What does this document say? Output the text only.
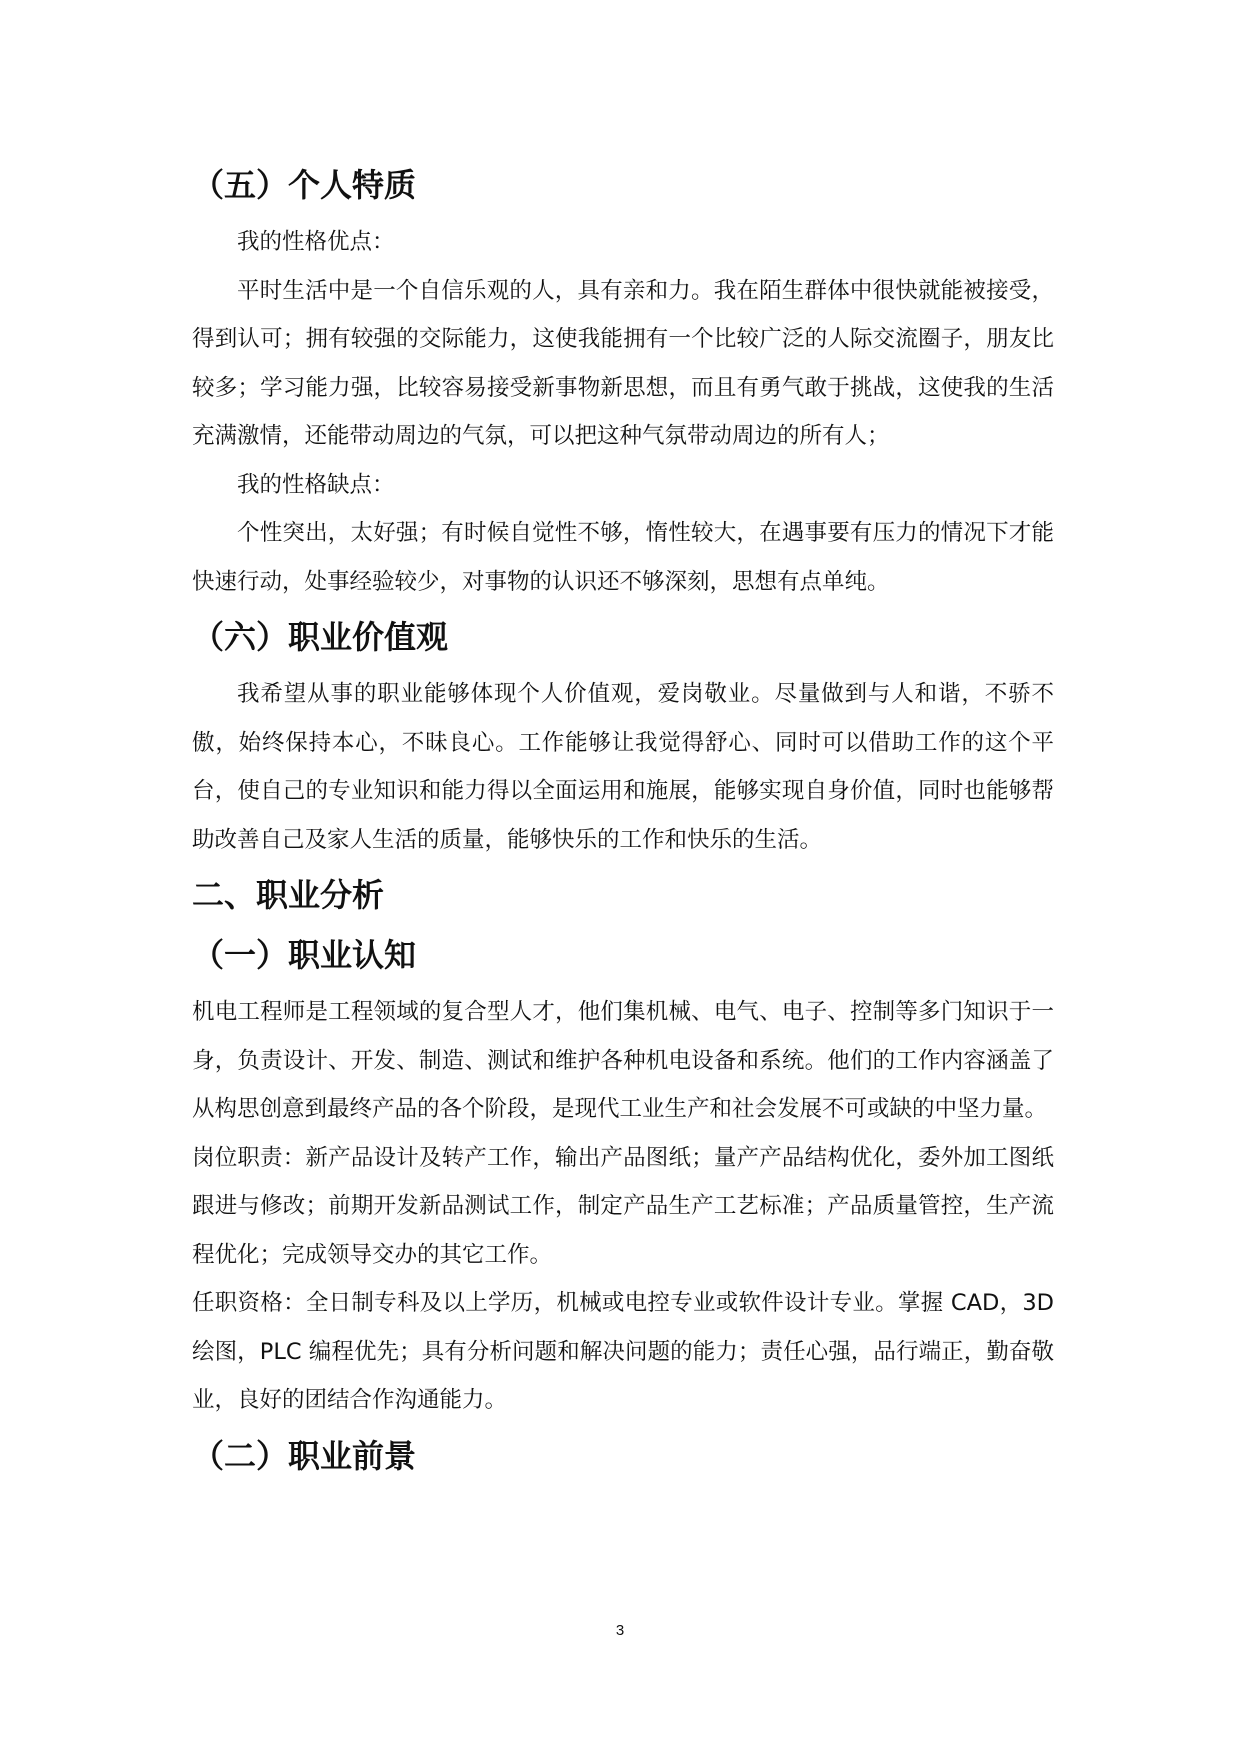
（五）个人特质

我的性格优点：

平时生活中是一个自信乐观的人，具有亲和力。我在陌生群体中很快就能被接受，得到认可；拥有较强的交际能力，这使我能拥有一个比较广泛的人际交流圈子，朋友比较多；学习能力强，比较容易接受新事物新思想，而且有勇气敢于挑战，这使我的生活充满激情，还能带动周边的气氛，可以把这种气氛带动周边的所有人；

我的性格缺点：

个性突出，太好强；有时候自觉性不够，惰性较大，在遇事要有压力的情况下才能快速行动，处事经验较少，对事物的认识还不够深刻，思想有点单纯。

（六）职业价值观

我希望从事的职业能够体现个人价值观，爱岗敬业。尽量做到与人和谐，不骄不傲，始终保持本心，不昧良心。工作能够让我觉得舒心、同时可以借助工作的这个平台，使自己的专业知识和能力得以全面运用和施展，能够实现自身价值，同时也能够帮助改善自己及家人生活的质量，能够快乐的工作和快乐的生活。

二、职业分析
（一）职业认知

机电工程师是工程领域的复合型人才，他们集机械、电气、电子、控制等多门知识于一身，负责设计、开发、制造、测试和维护各种机电设备和系统。他们的工作内容涵盖了从构思创意到最终产品的各个阶段，是现代工业生产和社会发展不可或缺的中坚力量。

岗位职责：新产品设计及转产工作，输出产品图纸；量产产品结构优化，委外加工图纸跟进与修改；前期开发新品测试工作，制定产品生产工艺标准；产品质量管控，生产流程优化；完成领导交办的其它工作。

任职资格：全日制专科及以上学历，机械或电控专业或软件设计专业。掌握 CAD，3D 绘图，PLC 编程优先；具有分析问题和解决问题的能力；责任心强，品行端正，勤奋敬业，良好的团结合作沟通能力。

（二）职业前景
3
